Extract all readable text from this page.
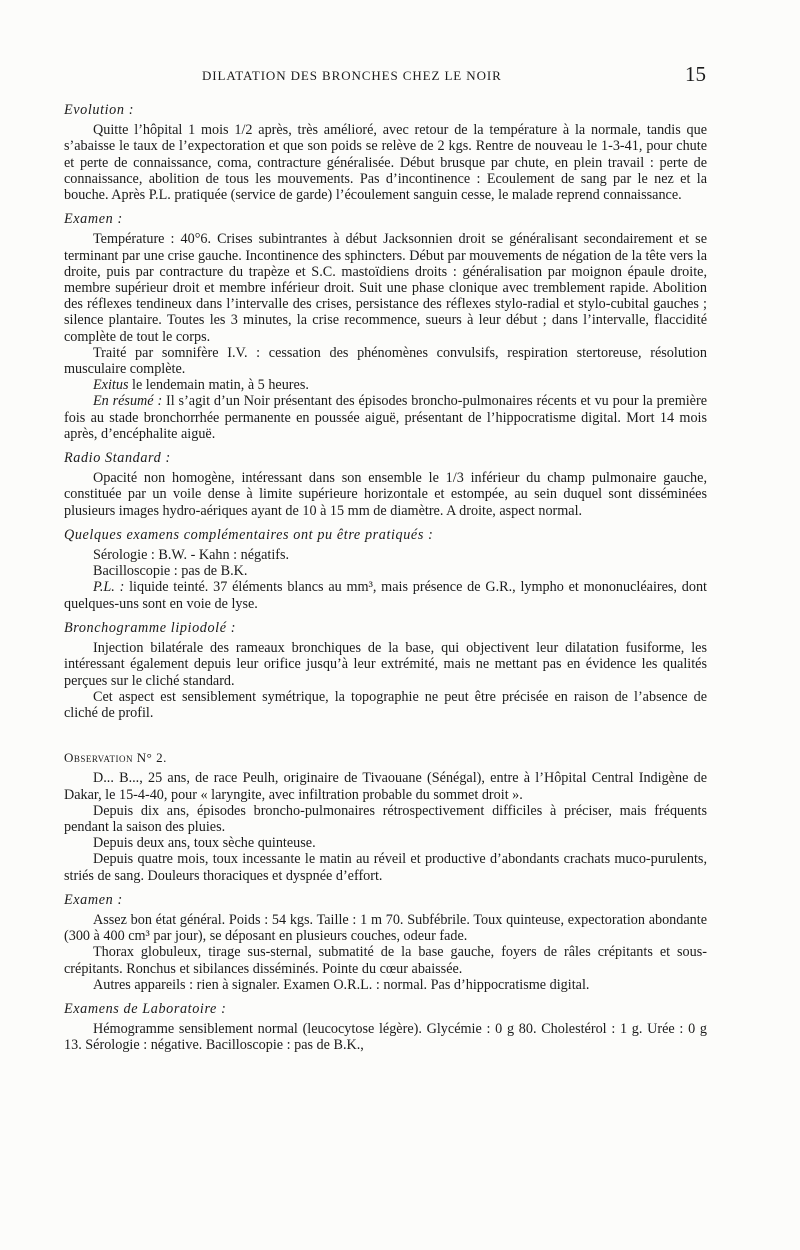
DILATATION DES BRONCHES CHEZ LE NOIR	15
Evolution :

Quitte l’hôpital 1 mois 1/2 après, très amélioré, avec retour de la température à la normale, tandis que s’abaisse le taux de l’expectoration et que son poids se relève de 2 kgs. Rentre de nouveau le 1-3-41, pour chute et perte de connaissance, coma, contracture généralisée. Début brusque par chute, en plein travail : perte de connaissance, abolition de tous les mouvements. Pas d’incontinence : Ecoulement de sang par le nez et la bouche. Après P.L. pratiquée (service de garde) l’écoulement sanguin cesse, le malade reprend connaissance.

Examen :

Température : 40°6. Crises subintrantes à début Jacksonnien droit se généralisant secondairement et se terminant par une crise gauche. Incontinence des sphincters. Début par mouvements de négation de la tête vers la droite, puis par contracture du trapèze et S.C. mastoïdiens droits : généralisation par moignon épaule droite, membre supérieur droit et membre inférieur droit. Suit une phase clonique avec tremblement rapide. Abolition des réflexes tendineux dans l’intervalle des crises, persistance des réflexes stylo-radial et stylo-cubital gauches ; silence plantaire. Toutes les 3 minutes, la crise recommence, sueurs à leur début ; dans l’intervalle, flaccidité complète de tout le corps.

Traité par somnifère I.V. : cessation des phénomènes convulsifs, respiration stertoreuse, résolution musculaire complète.

Exitus le lendemain matin, à 5 heures.

En résumé : Il s’agit d’un Noir présentant des épisodes broncho-pulmonaires récents et vu pour la première fois au stade bronchorrhée permanente en poussée aiguë, présentant de l’hippocratisme digital. Mort 14 mois après, d’encéphalite aiguë.

Radio Standard :

Opacité non homogène, intéressant dans son ensemble le 1/3 inférieur du champ pulmonaire gauche, constituée par un voile dense à limite supérieure horizontale et estompée, au sein duquel sont disséminées plusieurs images hydro-aériques ayant de 10 à 15 mm de diamètre. A droite, aspect normal.

Quelques examens complémentaires ont pu être pratiqués :

Sérologie : B.W. - Kahn : négatifs.

Bacilloscopie : pas de B.K.

P.L. : liquide teinté. 37 éléments blancs au mm³, mais présence de G.R., lympho et mononucléaires, dont quelques-uns sont en voie de lyse.

Bronchogramme lipiodolé :

Injection bilatérale des rameaux bronchiques de la base, qui objectivent leur dilatation fusiforme, les intéressant également depuis leur orifice jusqu’à leur extrémité, mais ne mettant pas en évidence les qualités perçues sur le cliché standard.

Cet aspect est sensiblement symétrique, la topographie ne peut être précisée en raison de l’absence de cliché de profil.

Observation N° 2.

D... B..., 25 ans, de race Peulh, originaire de Tivaouane (Sénégal), entre à l’Hôpital Central Indigène de Dakar, le 15-4-40, pour « laryngite, avec infiltration probable du sommet droit ».

Depuis dix ans, épisodes broncho-pulmonaires rétrospectivement difficiles à préciser, mais fréquents pendant la saison des pluies.

Depuis deux ans, toux sèche quinteuse.

Depuis quatre mois, toux incessante le matin au réveil et productive d’abondants crachats muco-purulents, striés de sang. Douleurs thoraciques et dyspnée d’effort.

Examen :

Assez bon état général. Poids : 54 kgs. Taille : 1 m 70. Subfébrile. Toux quinteuse, expectoration abondante (300 à 400 cm³ par jour), se déposant en plusieurs couches, odeur fade.

Thorax globuleux, tirage sus-sternal, submatité de la base gauche, foyers de râles crépitants et sous-crépitants. Ronchus et sibilances disséminés. Pointe du cœur abaissée.

Autres appareils : rien à signaler. Examen O.R.L. : normal. Pas d’hippocratisme digital.

Examens de Laboratoire :

Hémogramme sensiblement normal (leucocytose légère). Glycémie : 0 g 80. Cholestérol : 1 g. Urée : 0 g 13. Sérologie : négative. Bacilloscopie : pas de B.K.,
